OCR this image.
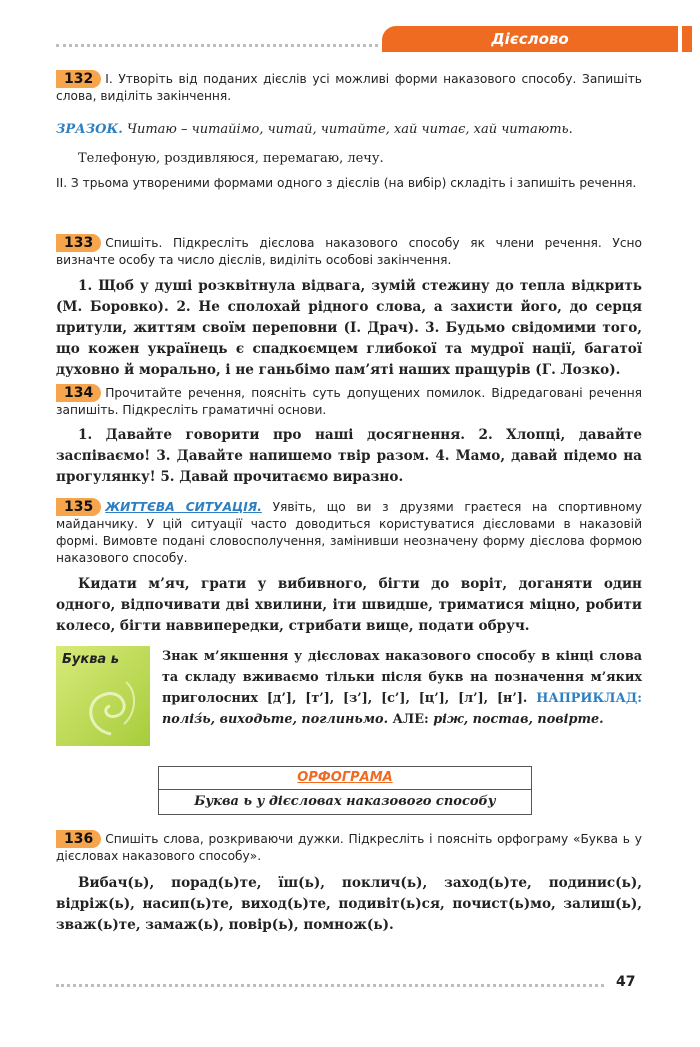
Дієслово
132 I. Утворіть від поданих дієслів усі можливі форми наказового способу. Запишіть слова, виділіть закінчення.
ЗРАЗОК. Читаю – читайімо, читай, читайте, хай читає, хай читають.
Телефоную, роздивляюся, перемагаю, лечу.
II. З трьома утвореними формами одного з дієслів (на вибір) складіть і запишіть речення.
133 Спишіть. Підкресліть дієслова наказового способу як члени речення. Усно визначте особу та число дієслів, виділіть особові закінчення.
1. Щоб у душі розквітнула відвага, зумій стежину до тепла відкрить (М. Боровко). 2. Не сполохай рідного слова, а захисти його, до серця притули, життям своїм переповни (І. Драч). 3. Будьмо свідомими того, що кожен українець є спадкоємцем глибокої та мудрої нації, багатої духовно й морально, і не ганьбімо пам’яті наших пращурів (Г. Лозко).
134 Прочитайте речення, поясніть суть допущених помилок. Відредаговані речення запишіть. Підкресліть граматичні основи.
1. Давайте говорити про наші досягнення. 2. Хлопці, давайте заспіваємо! 3. Давайте напишемо твір разом. 4. Мамо, давай підемо на прогулянку! 5. Давай прочитаємо виразно.
135 ЖИТТЄВА СИТУАЦІЯ. Уявіть, що ви з друзями граєтеся на спортивному майданчику. У цій ситуації часто доводиться користуватися дієсловами в наказовій формі. Вимовте подані словосполучення, замінивши неозначену форму дієслова формою наказового способу.
Кидати м’яч, грати у вибивного, бігти до воріт, доганяти один одного, відпочивати дві хвилини, іти швидше, триматися міцно, робити колесо, бігти наввипередки, стрибати вище, подати обруч.
Буква ь	Знак м’якшення у дієсловах наказового способу в кінці слова та складу вживаємо тільки після букв на позначення м’яких приголосних [д’], [т’], [з’], [с’], [ц’], [л’], [н’]. НАПРИКЛАД: поліз́ь, виходьте, поглиньмо. АЛЕ: ріж, постав, повірте.
ОРФОГРАМА
Буква ь у дієсловах наказового способу
136 Спишіть слова, розкриваючи дужки. Підкресліть і поясніть орфограму «Буква ь у дієсловах наказового способу».
Вибач(ь), порад(ь)те, їш(ь), поклич(ь), заход(ь)те, подинис(ь), відріж(ь), насип(ь)те, виход(ь)те, подивіт(ь)ся, почист(ь)мо, залиш(ь), зваж(ь)те, замаж(ь), повір(ь), помнож(ь).
47
